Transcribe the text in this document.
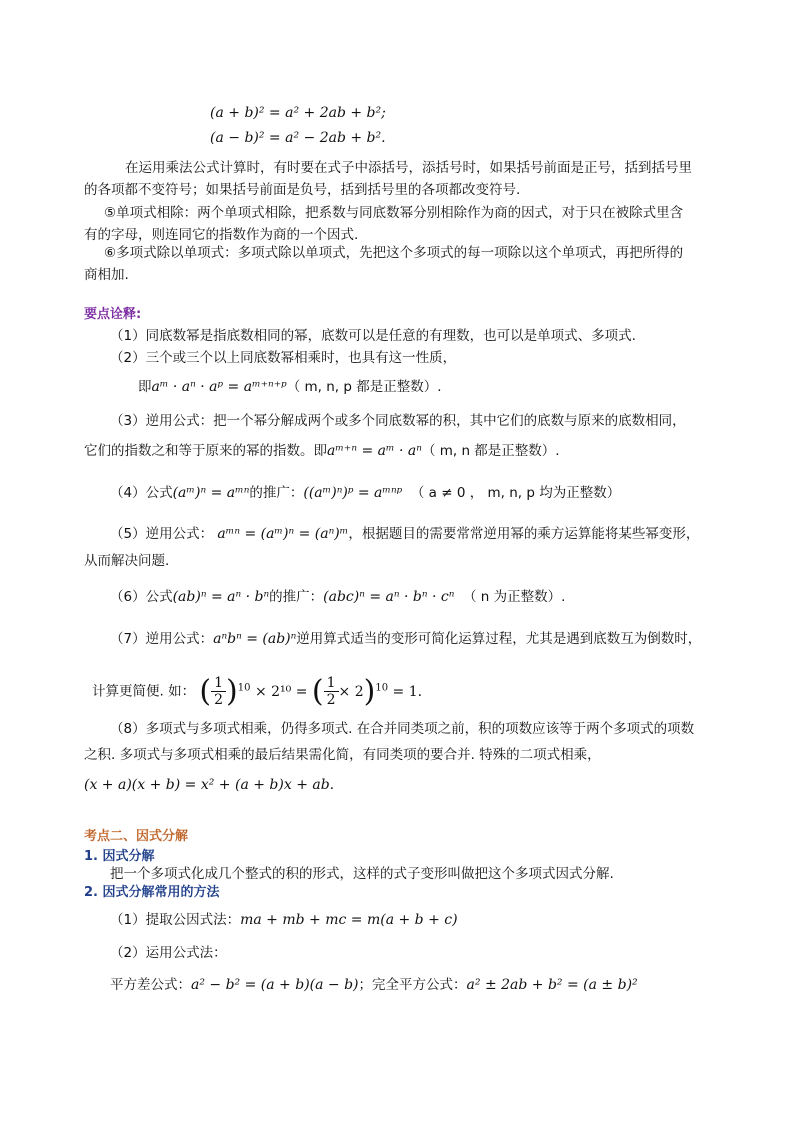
(a + b)² = a² + 2ab + b²;
(a − b)² = a² − 2ab + b².
在运用乘法公式计算时，有时要在式子中添括号，添括号时，如果括号前面是正号，括到括号里
的各项都不变符号；如果括号前面是负号，括到括号里的各项都改变符号.
⑤单项式相除：两个单项式相除，把系数与同底数幂分别相除作为商的因式，对于只在被除式里含
有的字母，则连同它的指数作为商的一个因式.
⑥多项式除以单项式：多项式除以单项式，先把这个多项式的每一项除以这个单项式，再把所得的
商相加.
要点诠释:
（1）同底数幂是指底数相同的幂，底数可以是任意的有理数，也可以是单项式、多项式.
（2）三个或三个以上同底数幂相乘时，也具有这一性质，
即aᵐ · aⁿ · aᵖ = aᵐ⁺ⁿ⁺ᵖ（ m, n, p 都是正整数）.
（3）逆用公式：把一个幂分解成两个或多个同底数幂的积，其中它们的底数与原来的底数相同，
它们的指数之和等于原来的幂的指数。即aᵐ⁺ⁿ = aᵐ · aⁿ（ m, n 都是正整数）.
（4）公式(aᵐ)ⁿ = aᵐⁿ的推广：((aᵐ)ⁿ)ᵖ = aᵐⁿᵖ （ a ≠ 0 ， m, n, p 均为正整数）
（5）逆用公式： aᵐⁿ = (aᵐ)ⁿ = (aⁿ)ᵐ，根据题目的需要常常逆用幂的乘方运算能将某些幂变形，
从而解决问题.
（6）公式(ab)ⁿ = aⁿ · bⁿ的推广：(abc)ⁿ = aⁿ · bⁿ · cⁿ （ n 为正整数）.
（7）逆用公式：aⁿbⁿ = (ab)ⁿ逆用算式适当的变形可简化运算过程，尤其是遇到底数互为倒数时，
计算更简便. 如： ( $\frac{1}{2} )^{10} \times 2^{10}$ = ( $\frac{1}{2} \times 2)^{10} = 1$.
（8）多项式与多项式相乘，仍得多项式. 在合并同类项之前，积的项数应该等于两个多项式的项数
之积. 多项式与多项式相乘的最后结果需化简，有同类项的要合并. 特殊的二项式相乘，
(x + a)(x + b) = x² + (a + b)x + ab.
考点二、因式分解
1. 因式分解
把一个多项式化成几个整式的积的形式，这样的式子变形叫做把这个多项式因式分解.
2. 因式分解常用的方法
（1）提取公因式法：ma + mb + mc = m(a + b + c)
（2）运用公式法：
平方差公式：a² − b² = (a + b)(a − b)；完全平方公式：a² ± 2ab + b² = (a ± b)²
